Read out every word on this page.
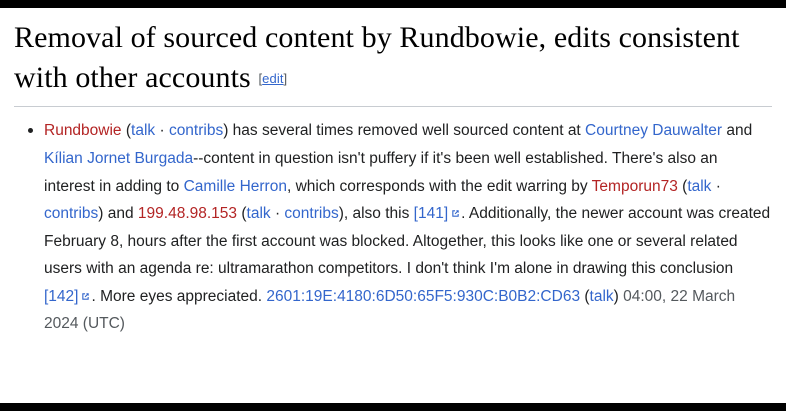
Removal of sourced content by Rundbowie, edits consistent with other accounts [edit]
Rundbowie (talk · contribs) has several times removed well sourced content at Courtney Dauwalter and Kílian Jornet Burgada--content in question isn't puffery if it's been well established. There's also an interest in adding to Camille Herron, which corresponds with the edit warring by Temporun73 (talk · contribs) and 199.48.98.153 (talk · contribs), also this [141] . Additionally, the newer account was created February 8, hours after the first account was blocked. Altogether, this looks like one or several related users with an agenda re: ultramarathon competitors. I don't think I'm alone in drawing this conclusion [142] . More eyes appreciated. 2601:19E:4180:6D50:65F5:930C:B0B2:CD63 (talk) 04:00, 22 March 2024 (UTC)
